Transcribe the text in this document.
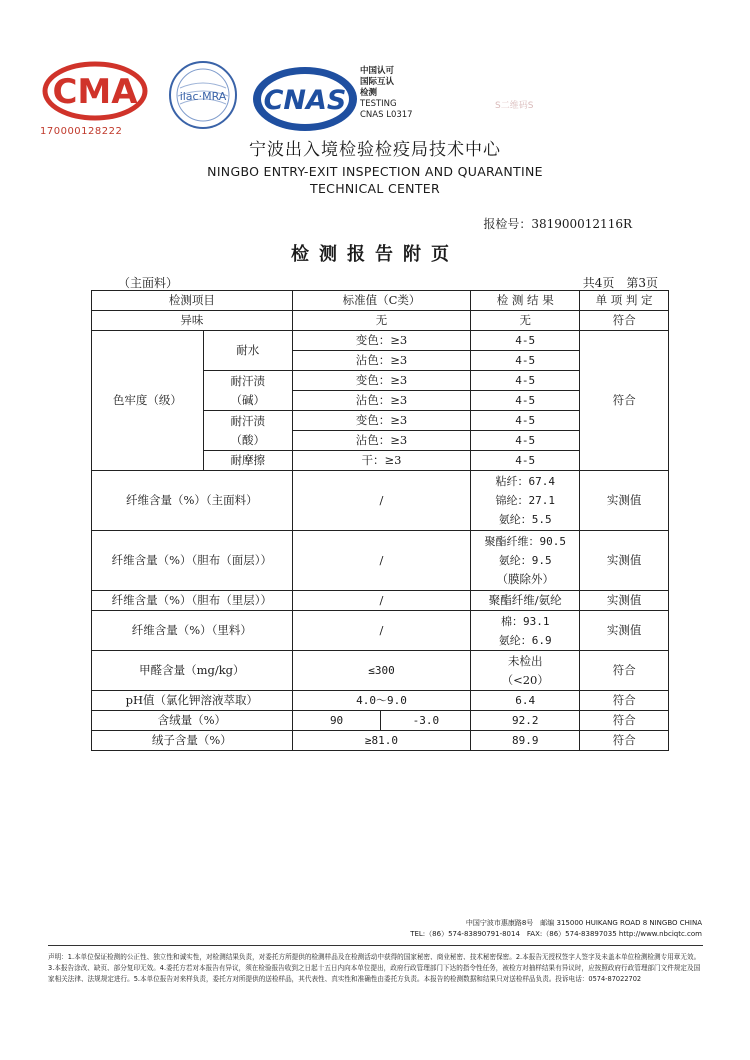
CMA
170000128222
ilac·MRA CNAS
中国认可
国际互认
检测
TESTING
CNAS L0317
S二维码S
宁波出入境检验检疫局技术中心
NINGBO ENTRY-EXIT INSPECTION AND QUARANTINE
TECHNICAL CENTER
报检号：381900012116R
检测报告附页
（主面料）	共4页　第3页
检测项目		标准值（C类）		检 测 结 果	单 项 判 定
异味		无		无	符合
色牢度（级）	耐水	变色：≥3		4-5	符合
		沾色：≥3		4-5	

	耐汗渍
（碱）	变色：≥3		4-5	
		沾色：≥3		4-5	

	耐汗渍
（酸）	变色：≥3		4-5	
		沾色：≥3		4-5	
	耐摩擦	干：≥3		4-5	
纤维含量（%）（主面料）		/		粘纤：67.4
锦纶：27.1
氨纶：5.5	实测值
纤维含量（%）（胆布（面层））		/		聚酯纤维：90.5
氨纶：9.5
（膜除外）	实测值
纤维含量（%）（胆布（里层））		/		聚酯纤维/氨纶	实测值
纤维含量（%）（里料）		/		棉：93.1
氨纶：6.9	实测值
甲醛含量（mg/kg）		≤300		未检出
（<20）	符合
pH值（氯化钾溶液萃取）		4.0～9.0		6.4	符合
含绒量（%）		90	-3.0	92.2	符合
绒子含量（%）		≥81.0		89.9	符合
中国宁波市惠康路8号　邮编 315000 HUIKANG ROAD 8 NINGBO CHINA
TEL:（86）574-83890791-8014　FAX:（86）574-83897035 http://www.nbciqtc.com
声明：1.本单位保证检测的公正性、独立性和诚实性，对检测结果负责，对委托方所提供的检测样品及在检测活动中获得的国家秘密、商业秘密、技术秘密保密。2.本报告无授权签字人签字及未盖本单位检测检测专用章无效。3.本报告涂改、缺页、部分复印无效。4.委托方若对本报告有异议，须在检验报告收到之日起十五日内向本单位提出，政府行政管理部门下达的指令性任务，被检方对抽样结果有异议时，应按照政府行政管理部门文件规定及国家相关法律、法规规定进行。5.本单位报告对来样负责，委托方对所提供的送检样品，其代表性、真实性和准确性由委托方负责。本报告的检测数据和结果只对送检样品负责。投诉电话：0574-87022702
